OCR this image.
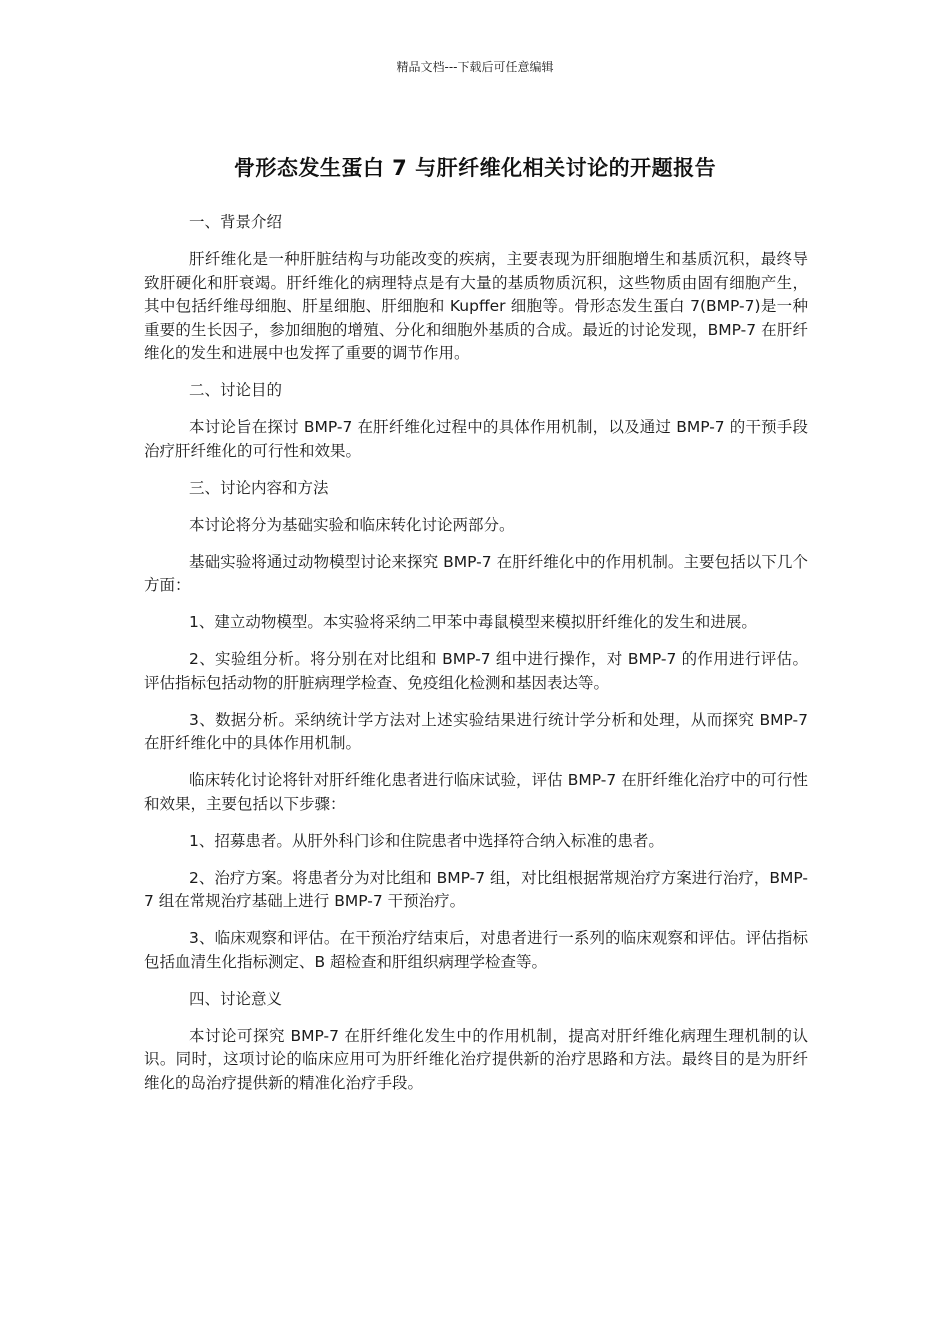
精品文档---下载后可任意编辑
骨形态发生蛋白 7 与肝纤维化相关讨论的开题报告

一、背景介绍

肝纤维化是一种肝脏结构与功能改变的疾病，主要表现为肝细胞增生和基质沉积，最终导致肝硬化和肝衰竭。肝纤维化的病理特点是有大量的基质物质沉积，这些物质由固有细胞产生，其中包括纤维母细胞、肝星细胞、肝细胞和 Kupffer 细胞等。骨形态发生蛋白 7(BMP-7)是一种重要的生长因子，参加细胞的增殖、分化和细胞外基质的合成。最近的讨论发现，BMP-7 在肝纤维化的发生和进展中也发挥了重要的调节作用。

二、讨论目的

本讨论旨在探讨 BMP-7 在肝纤维化过程中的具体作用机制，以及通过 BMP-7 的干预手段治疗肝纤维化的可行性和效果。

三、讨论内容和方法

本讨论将分为基础实验和临床转化讨论两部分。

基础实验将通过动物模型讨论来探究 BMP-7 在肝纤维化中的作用机制。主要包括以下几个方面：

1、建立动物模型。本实验将采纳二甲苯中毒鼠模型来模拟肝纤维化的发生和进展。

2、实验组分析。将分别在对比组和 BMP-7 组中进行操作，对 BMP-7 的作用进行评估。评估指标包括动物的肝脏病理学检查、免疫组化检测和基因表达等。

3、数据分析。采纳统计学方法对上述实验结果进行统计学分析和处理，从而探究 BMP-7 在肝纤维化中的具体作用机制。

临床转化讨论将针对肝纤维化患者进行临床试验，评估 BMP-7 在肝纤维化治疗中的可行性和效果，主要包括以下步骤：

1、招募患者。从肝外科门诊和住院患者中选择符合纳入标准的患者。

2、治疗方案。将患者分为对比组和 BMP-7 组，对比组根据常规治疗方案进行治疗，BMP-7 组在常规治疗基础上进行 BMP-7 干预治疗。

3、临床观察和评估。在干预治疗结束后，对患者进行一系列的临床观察和评估。评估指标包括血清生化指标测定、B 超检查和肝组织病理学检查等。

四、讨论意义

本讨论可探究 BMP-7 在肝纤维化发生中的作用机制，提高对肝纤维化病理生理机制的认识。同时，这项讨论的临床应用可为肝纤维化治疗提供新的治疗思路和方法。最终目的是为肝纤维化的岛治疗提供新的精准化治疗手段。
